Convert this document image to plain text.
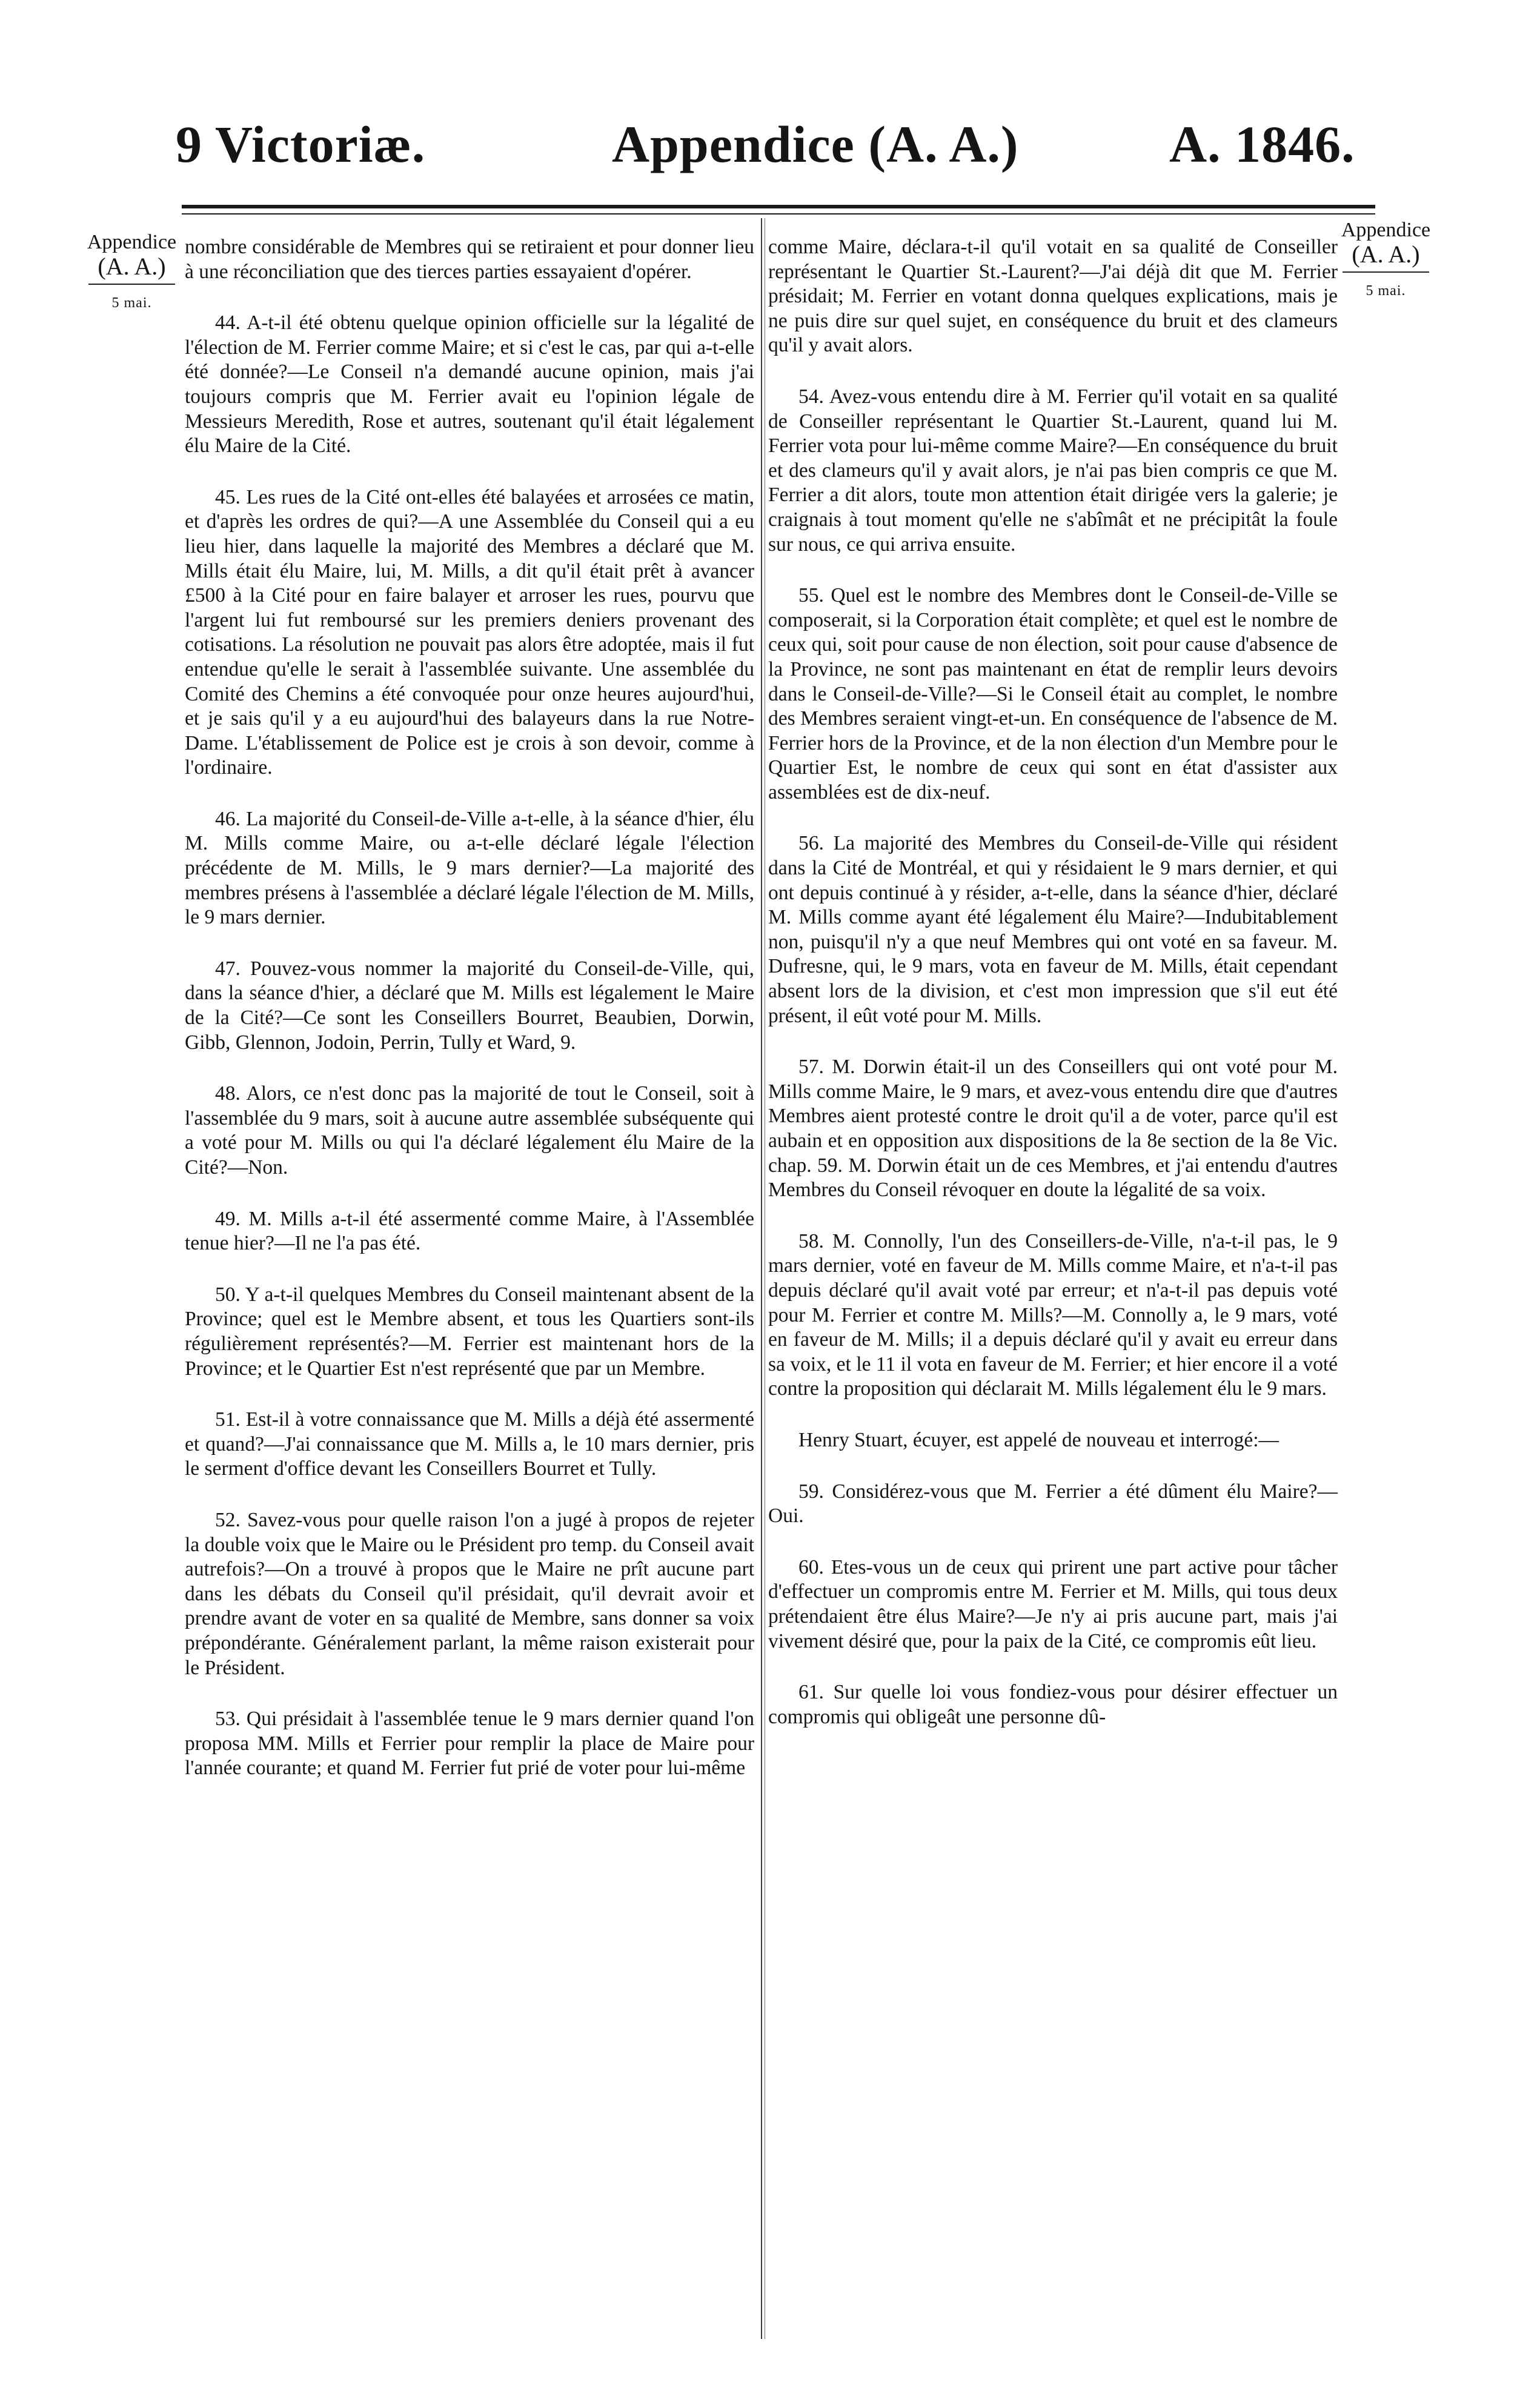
9 Victoriæ.	Appendice (A. A.)	A. 1846.
Appendice
(A. A.)
5 mai.
Appendice
(A. A.)
5 mai.

nombre considérable de Membres qui se retiraient et pour donner lieu à une réconciliation que des tierces parties essayaient d'opérer.

44. A-t-il été obtenu quelque opinion officielle sur la légalité de l'élection de M. Ferrier comme Maire; et si c'est le cas, par qui a-t-elle été donnée?—Le Conseil n'a demandé aucune opinion, mais j'ai toujours compris que M. Ferrier avait eu l'opinion légale de Messieurs Meredith, Rose et autres, soutenant qu'il était légalement élu Maire de la Cité.

45. Les rues de la Cité ont-elles été balayées et arrosées ce matin, et d'après les ordres de qui?—A une Assemblée du Conseil qui a eu lieu hier, dans laquelle la majorité des Membres a déclaré que M. Mills était élu Maire, lui, M. Mills, a dit qu'il était prêt à avancer £500 à la Cité pour en faire balayer et arroser les rues, pourvu que l'argent lui fut remboursé sur les premiers deniers provenant des cotisations. La résolution ne pouvait pas alors être adoptée, mais il fut entendue qu'elle le serait à l'assemblée suivante. Une assemblée du Comité des Chemins a été convoquée pour onze heures aujourd'hui, et je sais qu'il y a eu aujourd'hui des balayeurs dans la rue Notre-Dame. L'établissement de Police est je crois à son devoir, comme à l'ordinaire.

46. La majorité du Conseil-de-Ville a-t-elle, à la séance d'hier, élu M. Mills comme Maire, ou a-t-elle déclaré légale l'élection précédente de M. Mills, le 9 mars dernier?—La majorité des membres présens à l'assemblée a déclaré légale l'élection de M. Mills, le 9 mars dernier.

47. Pouvez-vous nommer la majorité du Conseil-de-Ville, qui, dans la séance d'hier, a déclaré que M. Mills est légalement le Maire de la Cité?—Ce sont les Conseillers Bourret, Beaubien, Dorwin, Gibb, Glennon, Jodoin, Perrin, Tully et Ward, 9.

48. Alors, ce n'est donc pas la majorité de tout le Conseil, soit à l'assemblée du 9 mars, soit à aucune autre assemblée subséquente qui a voté pour M. Mills ou qui l'a déclaré légalement élu Maire de la Cité?—Non.

49. M. Mills a-t-il été assermenté comme Maire, à l'Assemblée tenue hier?—Il ne l'a pas été.

50. Y a-t-il quelques Membres du Conseil maintenant absent de la Province; quel est le Membre absent, et tous les Quartiers sont-ils régulièrement représentés?—M. Ferrier est maintenant hors de la Province; et le Quartier Est n'est représenté que par un Membre.

51. Est-il à votre connaissance que M. Mills a déjà été assermenté et quand?—J'ai connaissance que M. Mills a, le 10 mars dernier, pris le serment d'office devant les Conseillers Bourret et Tully.

52. Savez-vous pour quelle raison l'on a jugé à propos de rejeter la double voix que le Maire ou le Président pro temp. du Conseil avait autrefois?—On a trouvé à propos que le Maire ne prît aucune part dans les débats du Conseil qu'il présidait, qu'il devrait avoir et prendre avant de voter en sa qualité de Membre, sans donner sa voix prépondérante. Généralement parlant, la même raison existerait pour le Président.

53. Qui présidait à l'assemblée tenue le 9 mars dernier quand l'on proposa MM. Mills et Ferrier pour remplir la place de Maire pour l'année courante; et quand M. Ferrier fut prié de voter pour lui-même

comme Maire, déclara-t-il qu'il votait en sa qualité de Conseiller représentant le Quartier St.-Laurent?—J'ai déjà dit que M. Ferrier présidait; M. Ferrier en votant donna quelques explications, mais je ne puis dire sur quel sujet, en conséquence du bruit et des clameurs qu'il y avait alors.

54. Avez-vous entendu dire à M. Ferrier qu'il votait en sa qualité de Conseiller représentant le Quartier St.-Laurent, quand lui M. Ferrier vota pour lui-même comme Maire?—En conséquence du bruit et des clameurs qu'il y avait alors, je n'ai pas bien compris ce que M. Ferrier a dit alors, toute mon attention était dirigée vers la galerie; je craignais à tout moment qu'elle ne s'abîmât et ne précipitât la foule sur nous, ce qui arriva ensuite.

55. Quel est le nombre des Membres dont le Conseil-de-Ville se composerait, si la Corporation était complète; et quel est le nombre de ceux qui, soit pour cause de non élection, soit pour cause d'absence de la Province, ne sont pas maintenant en état de remplir leurs devoirs dans le Conseil-de-Ville?—Si le Conseil était au complet, le nombre des Membres seraient vingt-et-un. En conséquence de l'absence de M. Ferrier hors de la Province, et de la non élection d'un Membre pour le Quartier Est, le nombre de ceux qui sont en état d'assister aux assemblées est de dix-neuf.

56. La majorité des Membres du Conseil-de-Ville qui résident dans la Cité de Montréal, et qui y résidaient le 9 mars dernier, et qui ont depuis continué à y résider, a-t-elle, dans la séance d'hier, déclaré M. Mills comme ayant été légalement élu Maire?—Indubitablement non, puisqu'il n'y a que neuf Membres qui ont voté en sa faveur. M. Dufresne, qui, le 9 mars, vota en faveur de M. Mills, était cependant absent lors de la division, et c'est mon impression que s'il eut été présent, il eût voté pour M. Mills.

57. M. Dorwin était-il un des Conseillers qui ont voté pour M. Mills comme Maire, le 9 mars, et avez-vous entendu dire que d'autres Membres aient protesté contre le droit qu'il a de voter, parce qu'il est aubain et en opposition aux dispositions de la 8e section de la 8e Vic. chap. 59. M. Dorwin était un de ces Membres, et j'ai entendu d'autres Membres du Conseil révoquer en doute la légalité de sa voix.

58. M. Connolly, l'un des Conseillers-de-Ville, n'a-t-il pas, le 9 mars dernier, voté en faveur de M. Mills comme Maire, et n'a-t-il pas depuis déclaré qu'il avait voté par erreur; et n'a-t-il pas depuis voté pour M. Ferrier et contre M. Mills?—M. Connolly a, le 9 mars, voté en faveur de M. Mills; il a depuis déclaré qu'il y avait eu erreur dans sa voix, et le 11 il vota en faveur de M. Ferrier; et hier encore il a voté contre la proposition qui déclarait M. Mills légalement élu le 9 mars.

Henry Stuart, écuyer, est appelé de nouveau et interrogé:—

59. Considérez-vous que M. Ferrier a été dûment élu Maire?—Oui.

60. Etes-vous un de ceux qui prirent une part active pour tâcher d'effectuer un compromis entre M. Ferrier et M. Mills, qui tous deux prétendaient être élus Maire?—Je n'y ai pris aucune part, mais j'ai vivement désiré que, pour la paix de la Cité, ce compromis eût lieu.

61. Sur quelle loi vous fondiez-vous pour désirer effectuer un compromis qui obligeât une personne dû-
